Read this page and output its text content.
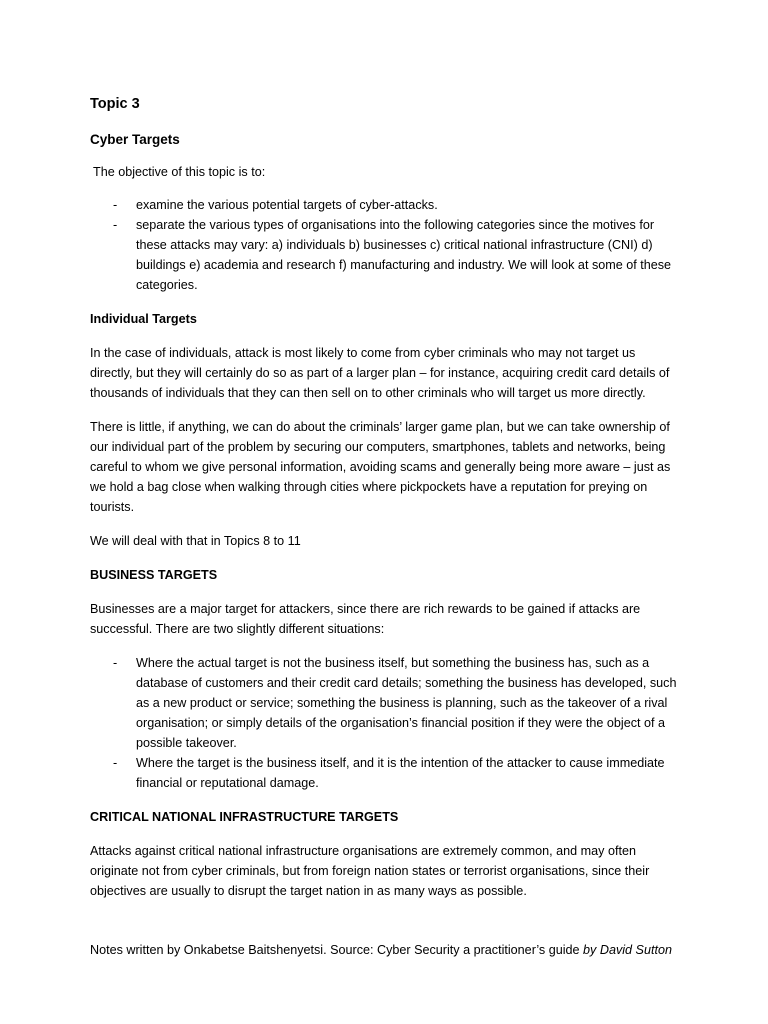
Topic 3
Cyber Targets

The objective of this topic is to:

- examine the various potential targets of cyber-attacks.
- separate the various types of organisations into the following categories since the motives for these attacks may vary: a) individuals b) businesses c) critical national infrastructure (CNI) d) buildings e) academia and research f) manufacturing and industry. We will look at some of these categories.
Individual Targets

In the case of individuals, attack is most likely to come from cyber criminals who may not target us directly, but they will certainly do so as part of a larger plan – for instance, acquiring credit card details of thousands of individuals that they can then sell on to other criminals who will target us more directly.

There is little, if anything, we can do about the criminals’ larger game plan, but we can take ownership of our individual part of the problem by securing our computers, smartphones, tablets and networks, being careful to whom we give personal information, avoiding scams and generally being more aware – just as we hold a bag close when walking through cities where pickpockets have a reputation for preying on tourists.

We will deal with that in Topics 8 to 11

BUSINESS TARGETS

Businesses are a major target for attackers, since there are rich rewards to be gained if attacks are successful. There are two slightly different situations:

- Where the actual target is not the business itself, but something the business has, such as a database of customers and their credit card details; something the business has developed, such as a new product or service; something the business is planning, such as the takeover of a rival organisation; or simply details of the organisation’s financial position if they were the object of a possible takeover.
- Where the target is the business itself, and it is the intention of the attacker to cause immediate financial or reputational damage.
CRITICAL NATIONAL INFRASTRUCTURE TARGETS

Attacks against critical national infrastructure organisations are extremely common, and may often originate not from cyber criminals, but from foreign nation states or terrorist organisations, since their objectives are usually to disrupt the target nation in as many ways as possible.

Notes written by Onkabetse Baitshenyetsi. Source: Cyber Security a practitioner’s guide by David Sutton
